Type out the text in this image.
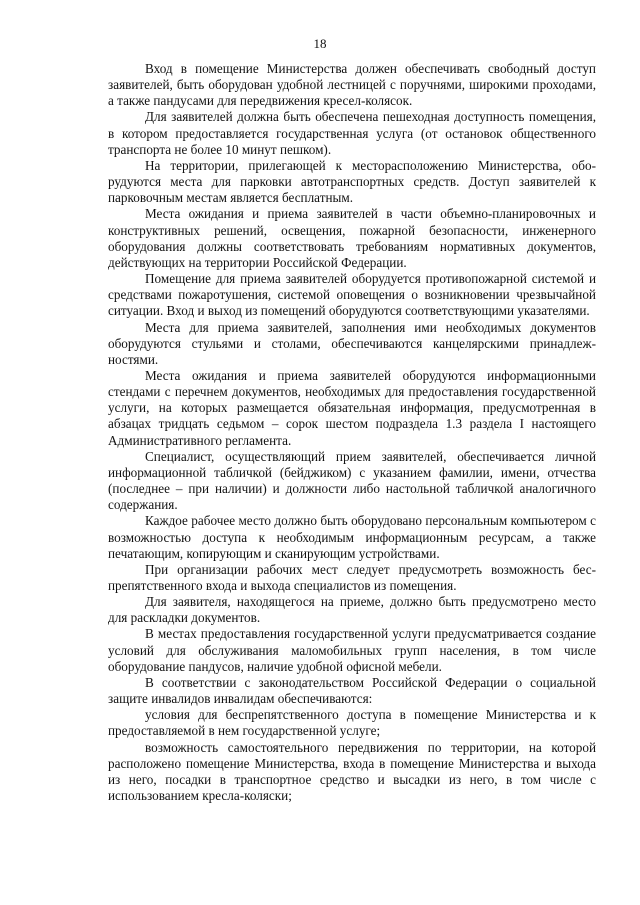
18

Вход в помещение Министерства должен обеспечивать свободный доступ заявителей, быть оборудован удобной лестницей с поручнями, широкими проходами, а также пандусами для передвижения кресел-колясок.

Для заявителей должна быть обеспечена пешеходная доступность помещения, в котором предоставляется государственная услуга (от остановок общественного транспорта не более 10 минут пешком).

На территории, прилегающей к месторасположению Министерства, оборудуются места для парковки автотранспортных средств. Доступ заявителей к парковочным местам является бесплатным.

Места ожидания и приема заявителей в части объемно-планировочных и конструктивных решений, освещения, пожарной безопасности, инженерного оборудования должны соответствовать требованиям нормативных документов, действующих на территории Российской Федерации.

Помещение для приема заявителей оборудуется противопожарной системой и средствами пожаротушения, системой оповещения о возникновении чрезвычайной ситуации. Вход и выход из помещений оборудуются соответствующими указателями.

Места для приема заявителей, заполнения ими необходимых документов оборудуются стульями и столами, обеспечиваются канцелярскими принадлежностями.

Места ожидания и приема заявителей оборудуются информационными стендами с перечнем документов, необходимых для предоставления государственной услуги, на которых размещается обязательная информация, предусмотренная в абзацах тридцать седьмом – сорок шестом подраздела 1.3 раздела I настоящего Административного регламента.

Специалист, осуществляющий прием заявителей, обеспечивается личной информационной табличкой (бейджиком) с указанием фамилии, имени, отчества (последнее – при наличии) и должности либо настольной табличкой аналогичного содержания.

Каждое рабочее место должно быть оборудовано персональным компьютером с возможностью доступа к необходимым информационным ресурсам, а также печатающим, копирующим и сканирующим устройствами.

При организации рабочих мест следует предусмотреть возможность беспрепятственного входа и выхода специалистов из помещения.

Для заявителя, находящегося на приеме, должно быть предусмотрено место для раскладки документов.

В местах предоставления государственной услуги предусматривается создание условий для обслуживания маломобильных групп населения, в том числе оборудование пандусов, наличие удобной офисной мебели.

В соответствии с законодательством Российской Федерации о социальной защите инвалидов инвалидам обеспечиваются:

условия для беспрепятственного доступа в помещение Министерства и к предоставляемой в нем государственной услуге;

возможность самостоятельного передвижения по территории, на которой расположено помещение Министерства, входа в помещение Министерства и выхода из него, посадки в транспортное средство и высадки из него, в том числе с использованием кресла-коляски;
